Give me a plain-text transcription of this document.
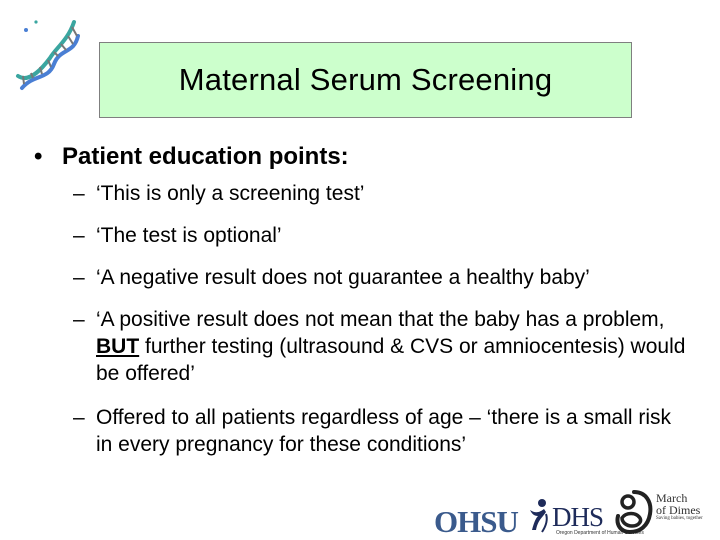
Maternal Serum Screening
• Patient education points:
– ‘This is only a screening test’
– ‘The test is optional’
– ‘A negative result does not guarantee a healthy baby’
– ‘A positive result does not mean that the baby has a problem, BUT further testing (ultrasound & CVS or amniocentesis) would be offered’
– Offered to all patients regardless of age – ‘there is a small risk in every pregnancy for these conditions’
OHSU DHS
Oregon Department of Human Services
March
of Dimes
Saving babies, together
